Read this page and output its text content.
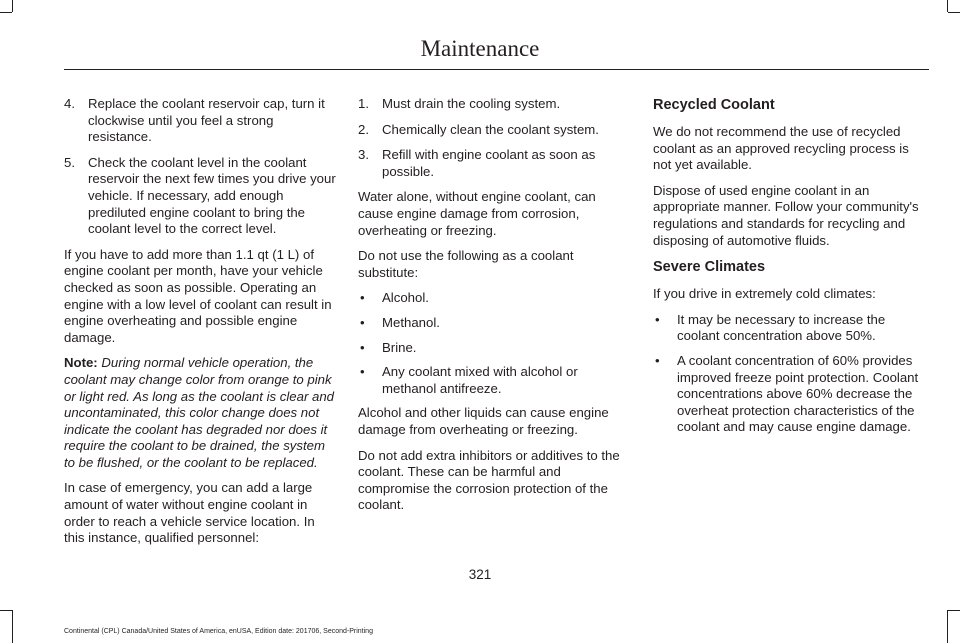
Maintenance
4. Replace the coolant reservoir cap, turn it clockwise until you feel a strong resistance.
5. Check the coolant level in the coolant reservoir the next few times you drive your vehicle. If necessary, add enough prediluted engine coolant to bring the coolant level to the correct level.

If you have to add more than 1.1 qt (1 L) of engine coolant per month, have your vehicle checked as soon as possible. Operating an engine with a low level of coolant can result in engine overheating and possible engine damage.

Note: During normal vehicle operation, the coolant may change color from orange to pink or light red. As long as the coolant is clear and uncontaminated, this color change does not indicate the coolant has degraded nor does it require the coolant to be drained, the system to be flushed, or the coolant to be replaced.

In case of emergency, you can add a large amount of water without engine coolant in order to reach a vehicle service location. In this instance, qualified personnel:

1. Must drain the cooling system.
2. Chemically clean the coolant system.
3. Refill with engine coolant as soon as possible.

Water alone, without engine coolant, can cause engine damage from corrosion, overheating or freezing.

Do not use the following as a coolant substitute:

• Alcohol.
• Methanol.
• Brine.
• Any coolant mixed with alcohol or methanol antifreeze.

Alcohol and other liquids can cause engine damage from overheating or freezing.

Do not add extra inhibitors or additives to the coolant. These can be harmful and compromise the corrosion protection of the coolant.

Recycled Coolant

We do not recommend the use of recycled coolant as an approved recycling process is not yet available.

Dispose of used engine coolant in an appropriate manner. Follow your community's regulations and standards for recycling and disposing of automotive fluids.

Severe Climates

If you drive in extremely cold climates:

• It may be necessary to increase the coolant concentration above 50%.
• A coolant concentration of 60% provides improved freeze point protection. Coolant concentrations above 60% decrease the overheat protection characteristics of the coolant and may cause engine damage.
321
Continental (CPL) Canada/United States of America, enUSA, Edition date: 201706, Second-Printing
